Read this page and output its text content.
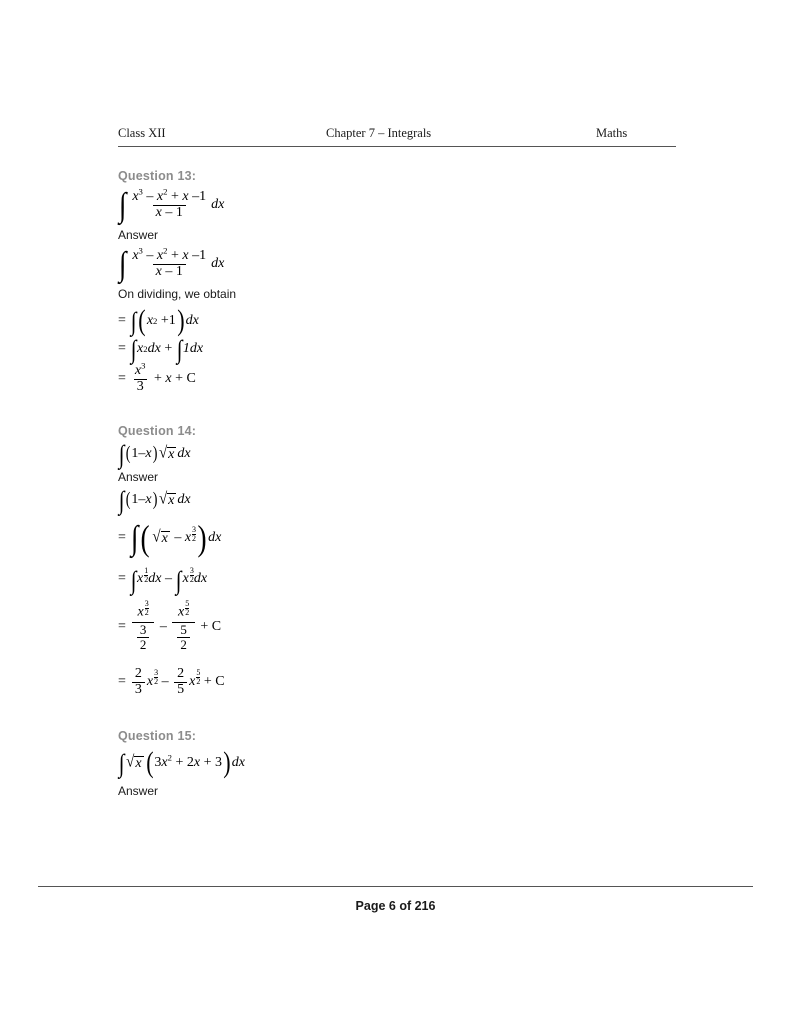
Class XII	Chapter 7 – Integrals	Maths
Question 13:
∫ $\frac{x^3 - x^2 + x -1}{x - 1}$ dx
Answer
∫ $\frac{x^3 - x^2 + x -1}{x - 1}$ dx
On dividing, we obtain
= ∫ ( x 2 +1 ) dx
= ∫ x 2 dx + ∫ 1dx
= $\frac{x^3}{3} + x + C$
Question 14:
∫ ( 1–x ) √ x dx
Answer
∫ ( 1–x ) √ x dx
= ∫ ( √ x – x
3
2 ) dx
= ∫ x
1
2 dx – ∫ x
3
2 dx
= $\frac{x \frac{3}{2}}{\frac{3}{2}} - \frac{x \frac{5}{2}}{\frac{5}{2}} + C$
= $\frac{2}{3}$ x
3
$2 - \frac{2}{5}$ x
5
2 + C
Question 15:
∫ √ x ( $3x^2 + 2x + 3$ ) dx
Answer
Page 6 of 216
